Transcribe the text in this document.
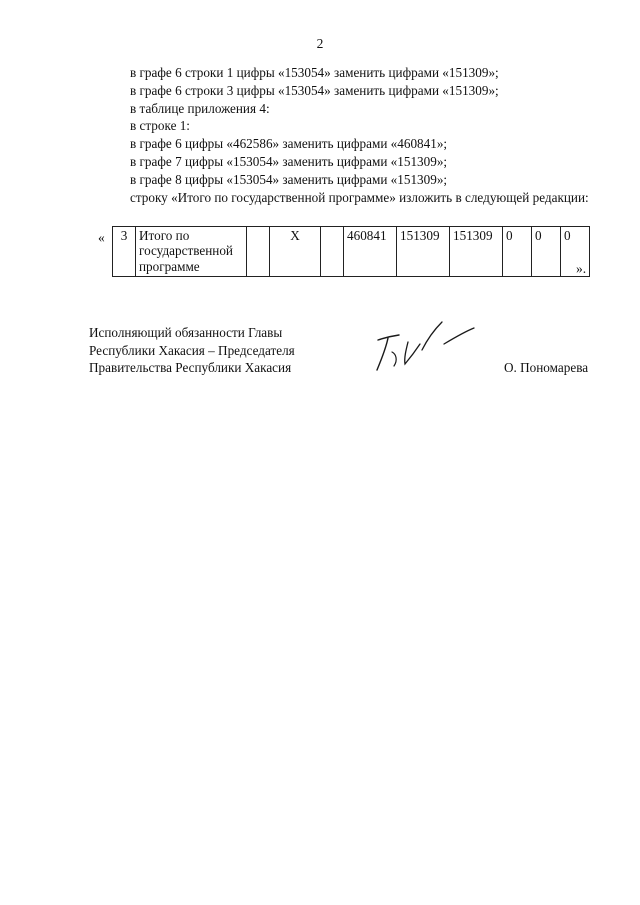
2

в графе 6 строки 1 цифры «153054» заменить цифрами «151309»;

в графе 6 строки 3 цифры «153054» заменить цифрами «151309»;

в таблице приложения 4:

в строке 1:

в графе 6 цифры «462586» заменить цифрами «460841»;

в графе 7 цифры «153054» заменить цифрами «151309»;

в графе 8 цифры «153054» заменить цифрами «151309»;

строку «Итого по государственной программе» изложить в следующей редакции:

« 3	Итого по государственной программе		Х		460841	151309	151309	0	0	0
».
Исполняющий обязанности Главы
Республики Хакасия – Председателя
Правительства Республики Хакасия	О. Пономарева
